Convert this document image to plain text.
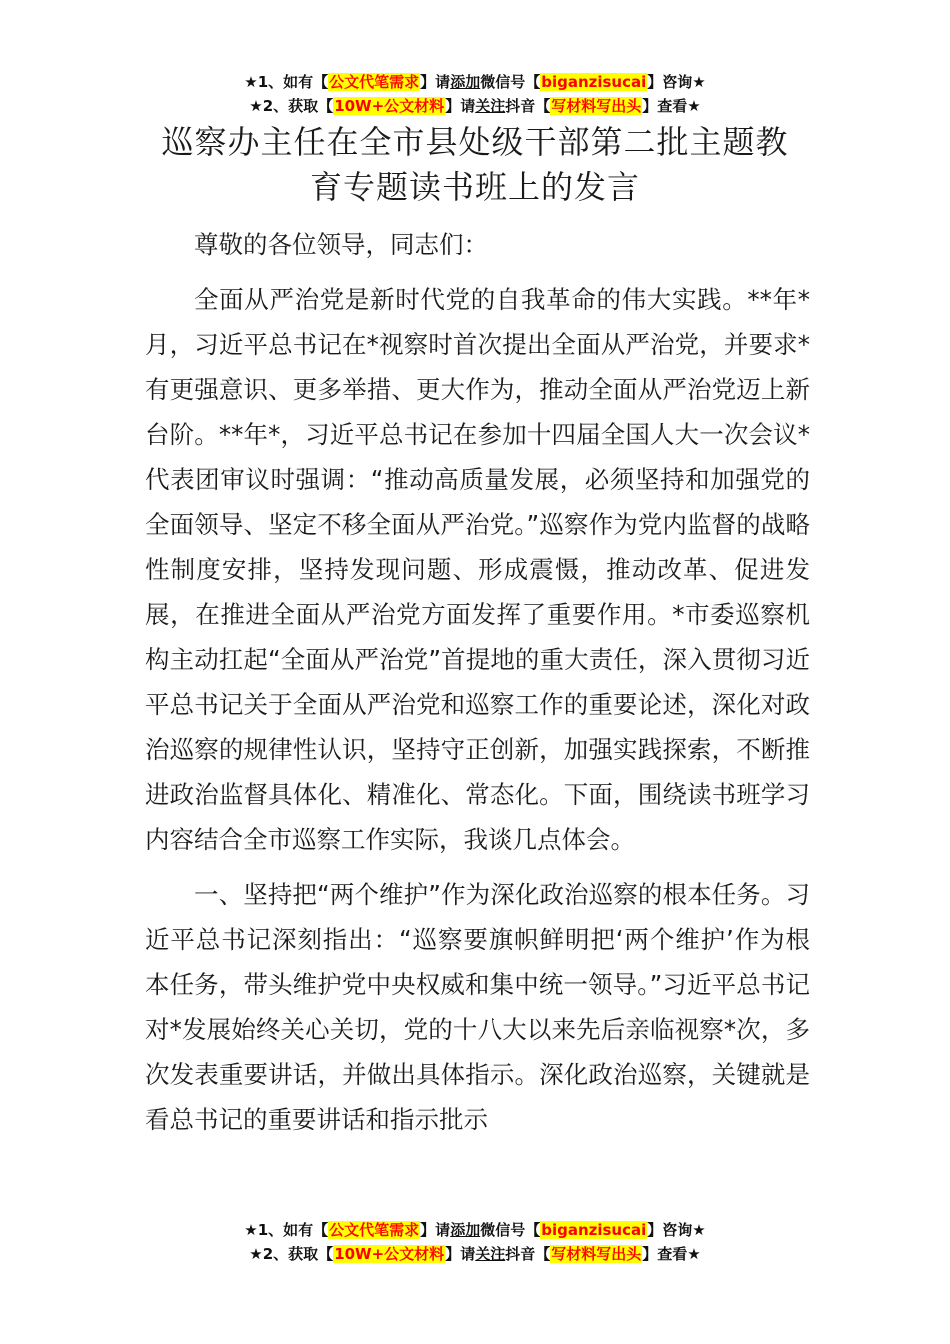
★1、如有【公文代笔需求】请添加微信号【biganzisucai】咨询★
★2、获取【10W+公文材料】请关注抖音【写材料写出头】查看★
巡察办主任在全市县处级干部第二批主题教
育专题读书班上的发言

尊敬的各位领导，同志们：

全面从严治党是新时代党的自我革命的伟大实践。**年*月，习近平总书记在*视察时首次提出全面从严治党，并要求*有更强意识、更多举措、更大作为，推动全面从严治党迈上新台阶。**年*，习近平总书记在参加十四届全国人大一次会议*代表团审议时强调：“推动高质量发展，必须坚持和加强党的全面领导、坚定不移全面从严治党。”巡察作为党内监督的战略性制度安排，坚持发现问题、形成震慑，推动改革、促进发展，在推进全面从严治党方面发挥了重要作用。*市委巡察机构主动扛起“全面从严治党”首提地的重大责任，深入贯彻习近平总书记关于全面从严治党和巡察工作的重要论述，深化对政治巡察的规律性认识，坚持守正创新，加强实践探索，不断推进政治监督具体化、精准化、常态化。下面，围绕读书班学习内容结合全市巡察工作实际，我谈几点体会。

一、坚持把“两个维护”作为深化政治巡察的根本任务。习近平总书记深刻指出：“巡察要旗帜鲜明把‘两个维护’作为根本任务，带头维护党中央权威和集中统一领导。”习近平总书记对*发展始终关心关切，党的十八大以来先后亲临视察*次，多次发表重要讲话，并做出具体指示。深化政治巡察，关键就是看总书记的重要讲话和指示批示

★1、如有【公文代笔需求】请添加微信号【biganzisucai】咨询★
★2、获取【10W+公文材料】请关注抖音【写材料写出头】查看★
